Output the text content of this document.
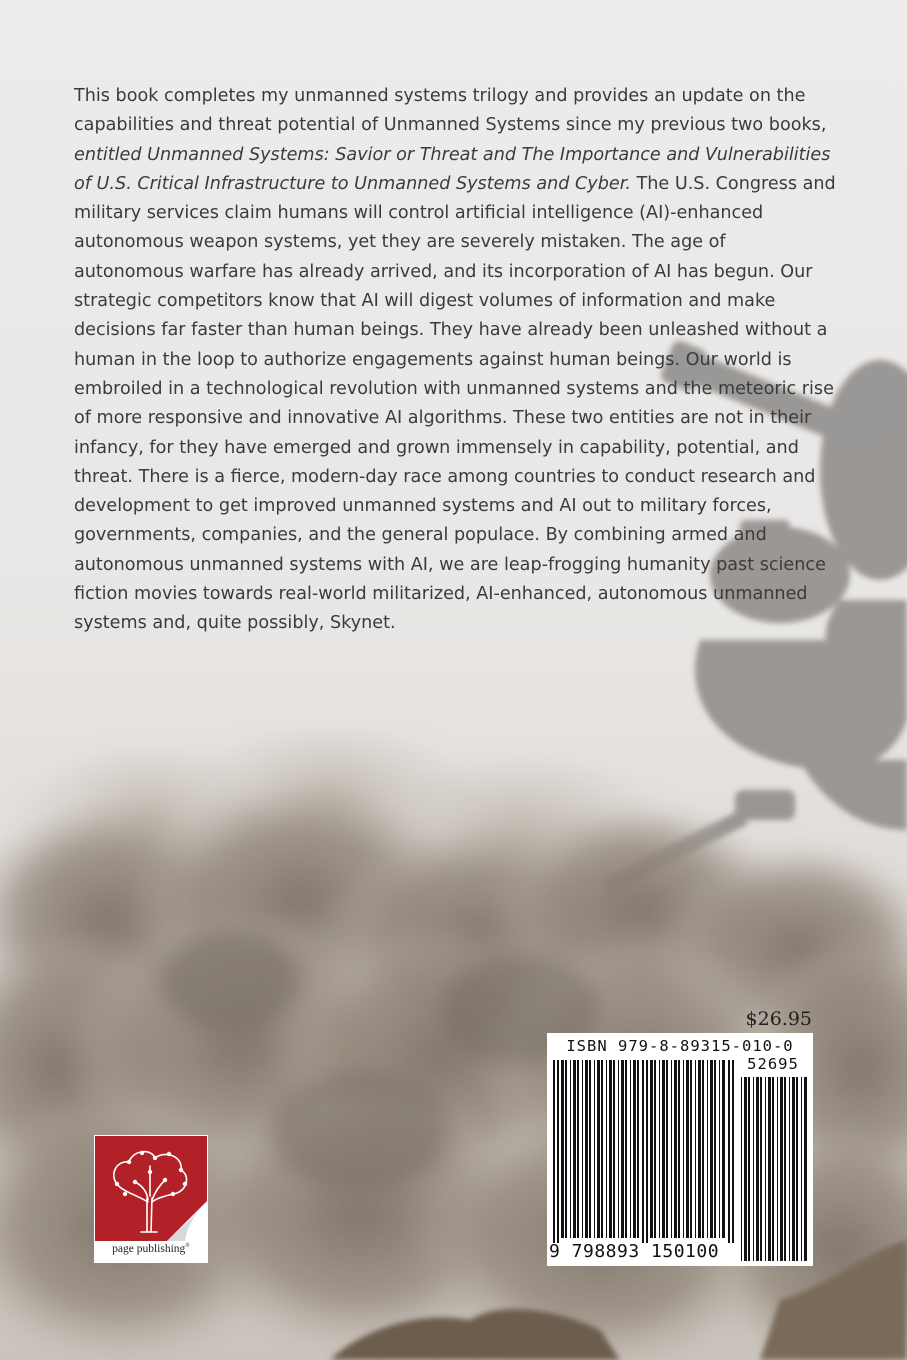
This book completes my unmanned systems trilogy and provides an update on the capabilities and threat potential of Unmanned Systems since my previous two books, entitled Unmanned Systems: Savior or Threat and The Importance and Vulnerabilities of U.S. Critical Infrastructure to Unmanned Systems and Cyber. The U.S. Congress and military services claim humans will control artificial intelligence (AI)-enhanced autonomous weapon systems, yet they are severely mistaken. The age of autonomous warfare has already arrived, and its incorporation of AI has begun. Our strategic competitors know that AI will digest volumes of information and make decisions far faster than human beings. They have already been unleashed without a human in the loop to authorize engagements against human beings. Our world is embroiled in a technological revolution with unmanned systems and the meteoric rise of more responsive and innovative AI algorithms. These two entities are not in their infancy, for they have emerged and grown immensely in capability, potential, and threat. There is a fierce, modern-day race among countries to conduct research and development to get improved unmanned systems and AI out to military forces, governments, companies, and the general populace. By combining armed and autonomous unmanned systems with AI, we are leap-frogging humanity past science fiction movies towards real-world militarized, AI-enhanced, autonomous unmanned systems and, quite possibly, Skynet.

$26.95
ISBN 979-8-89315-010-0
52695
9 798893 150100
page publishing®
